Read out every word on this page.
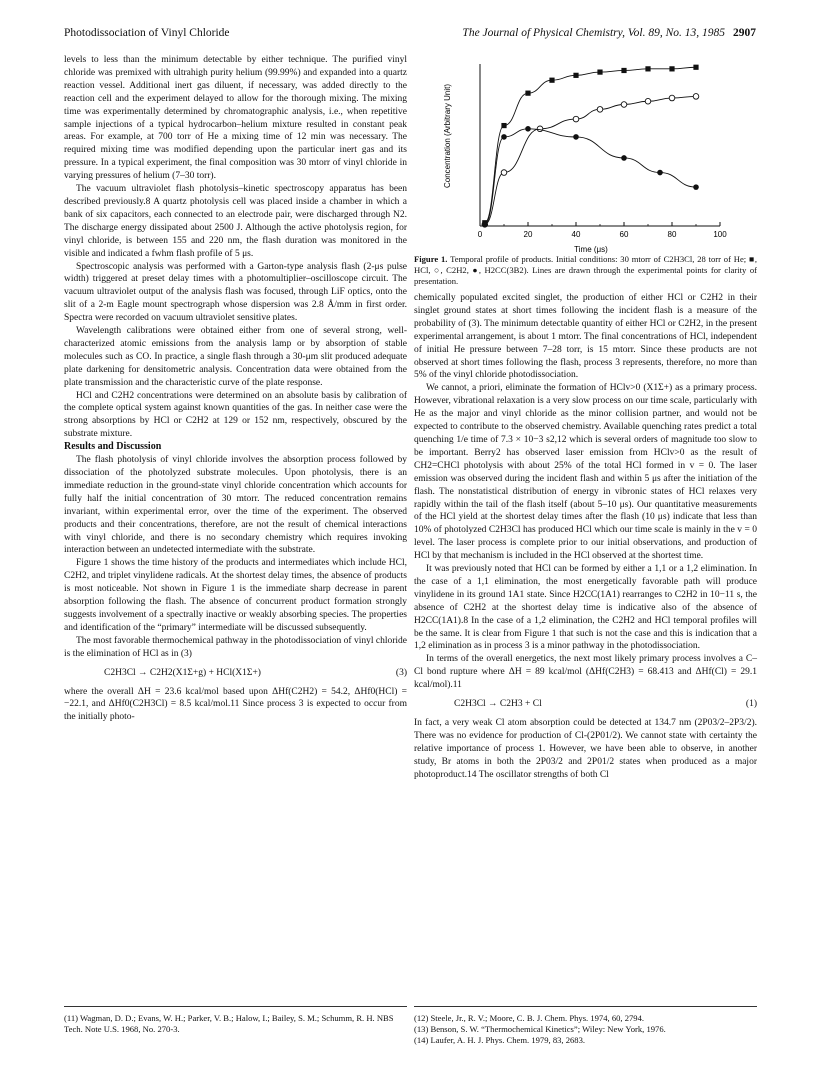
Photodissociation of Vinyl Chloride	The Journal of Physical Chemistry, Vol. 89, No. 13, 1985 2907

levels to less than the minimum detectable by either technique. The purified vinyl chloride was premixed with ultrahigh purity helium (99.99%) and expanded into a quartz reaction vessel. Additional inert gas diluent, if necessary, was added directly to the reaction cell and the experiment delayed to allow for the thorough mixing. The mixing time was experimentally determined by chromatographic analysis, i.e., when repetitive sample injections of a typical hydrocarbon–helium mixture resulted in constant peak areas. For example, at 700 torr of He a mixing time of 12 min was necessary. The required mixing time was modified depending upon the particular inert gas and its pressure. In a typical experiment, the final composition was 30 mtorr of vinyl chloride in varying pressures of helium (7–30 torr).

The vacuum ultraviolet flash photolysis–kinetic spectroscopy apparatus has been described previously.8 A quartz photolysis cell was placed inside a chamber in which a bank of six capacitors, each connected to an electrode pair, were discharged through N2. The discharge energy dissipated about 2500 J. Although the active photolysis region, for vinyl chloride, is between 155 and 220 nm, the flash duration was monitored in the visible and indicated a fwhm flash profile of 5 μs.

Spectroscopic analysis was performed with a Garton-type analysis flash (2-μs pulse width) triggered at preset delay times with a photomultiplier–oscilloscope circuit. The vacuum ultraviolet output of the analysis flash was focused, through LiF optics, onto the slit of a 2-m Eagle mount spectrograph whose dispersion was 2.8 Å/mm in first order. Spectra were recorded on vacuum ultraviolet sensitive plates.

Wavelength calibrations were obtained either from one of several strong, well-characterized atomic emissions from the analysis lamp or by absorption of stable molecules such as CO. In practice, a single flash through a 30-μm slit produced adequate plate darkening for densitometric analysis. Concentration data were obtained from the plate transmission and the characteristic curve of the plate response.

HCl and C2H2 concentrations were determined on an absolute basis by calibration of the complete optical system against known quantities of the gas. In neither case were the strong absorptions by HCl or C2H2 at 129 or 152 nm, respectively, obscured by the substrate mixture.

Results and Discussion

The flash photolysis of vinyl chloride involves the absorption process followed by dissociation of the photolyzed substrate molecules. Upon photolysis, there is an immediate reduction in the ground-state vinyl chloride concentration which accounts for fully half the initial concentration of 30 mtorr. The reduced concentration remains invariant, within experimental error, over the time of the experiment. The observed products and their concentrations, therefore, are not the result of chemical interactions with vinyl chloride, and there is no secondary chemistry which requires invoking interaction between an undetected intermediate with the substrate.

Figure 1 shows the time history of the products and intermediates which include HCl, C2H2, and triplet vinylidene radicals. At the shortest delay times, the absence of products is most noticeable. Not shown in Figure 1 is the immediate sharp decrease in parent absorption following the flash. The absence of concurrent product formation strongly suggests involvement of a spectrally inactive or weakly absorbing species. The properties and identification of the “primary” intermediate will be discussed subsequently.

The most favorable thermochemical pathway in the photodissociation of vinyl chloride is the elimination of HCl as in (3)

C2H3Cl → C2H2(X1Σ+g) + HCl(X1Σ+)	(3)

where the overall ΔH = 23.6 kcal/mol based upon ΔHf(C2H2) = 54.2, ΔHf0(HCl) = −22.1, and ΔHf0(C2H3Cl) = 8.5 kcal/mol.11 Since process 3 is expected to occur from the initially photo-

Concentration (Arbitrary Unit)
Time (μs)
0	20	40	60	80	100
Figure 1. Temporal profile of products. Initial conditions: 30 mtorr of C2H3Cl, 28 torr of He; ■, HCl, ○, C2H2, ●, H2CC(3B2). Lines are drawn through the experimental points for clarity of presentation.

chemically populated excited singlet, the production of either HCl or C2H2 in their singlet ground states at short times following the incident flash is a measure of the probability of (3). The minimum detectable quantity of either HCl or C2H2, in the present experimental arrangement, is about 1 mtorr. The final concentrations of HCl, independent of initial He pressure between 7–28 torr, is 15 mtorr. Since these products are not observed at short times following the flash, process 3 represents, therefore, no more than 5% of the vinyl chloride photodissociation.

We cannot, a priori, eliminate the formation of HClv>0 (X1Σ+) as a primary process. However, vibrational relaxation is a very slow process on our time scale, particularly with He as the major and vinyl chloride as the minor collision partner, and would not be expected to contribute to the observed chemistry. Available quenching rates predict a total quenching 1/e time of 7.3 × 10−3 s2,12 which is several orders of magnitude too slow to be important. Berry2 has observed laser emission from HClv>0 as the result of CH2=CHCl photolysis with about 25% of the total HCl formed in v = 0. The laser emission was observed during the incident flash and within 5 μs after the initiation of the flash. The nonstatistical distribution of energy in vibronic states of HCl relaxes very rapidly within the tail of the flash itself (about 5–10 μs). Our quantitative measurements of the HCl yield at the shortest delay times after the flash (10 μs) indicate that less than 10% of photolyzed C2H3Cl has produced HCl which our time scale is mainly in the v = 0 level. The laser process is complete prior to our initial observations, and production of HCl by that mechanism is included in the HCl observed at the shortest time.

It was previously noted that HCl can be formed by either a 1,1 or a 1,2 elimination. In the case of a 1,1 elimination, the most energetically favorable path will produce vinylidene in its ground 1A1 state. Since H2CC(1A1) rearranges to C2H2 in 10−11 s, the absence of C2H2 at the shortest delay time is indicative also of the absence of H2CC(1A1).8 In the case of a 1,2 elimination, the C2H2 and HCl temporal profiles will be the same. It is clear from Figure 1 that such is not the case and this is indication that a 1,2 elimination as in process 3 is a minor pathway in the photodissociation.

In terms of the overall energetics, the next most likely primary process involves a C–Cl bond rupture where ΔH = 89 kcal/mol (ΔHf(C2H3) = 68.413 and ΔHf(Cl) = 29.1 kcal/mol).11

C2H3Cl → C2H3 + Cl	(1)

In fact, a very weak Cl atom absorption could be detected at 134.7 nm (2P03/2–2P3/2). There was no evidence for production of Cl-(2P01/2). We cannot state with certainty the relative importance of process 1. However, we have been able to observe, in another study, Br atoms in both the 2P03/2 and 2P01/2 states when produced as a major photoproduct.14 The oscillator strengths of both Cl

(11) Wagman, D. D.; Evans, W. H.; Parker, V. B.; Halow, I.; Bailey, S. M.; Schumm, R. H. NBS Tech. Note U.S. 1968, No. 270-3.
(12) Steele, Jr., R. V.; Moore, C. B. J. Chem. Phys. 1974, 60, 2794.
(13) Benson, S. W. “Thermochemical Kinetics”; Wiley: New York, 1976.
(14) Laufer, A. H. J. Phys. Chem. 1979, 83, 2683.
